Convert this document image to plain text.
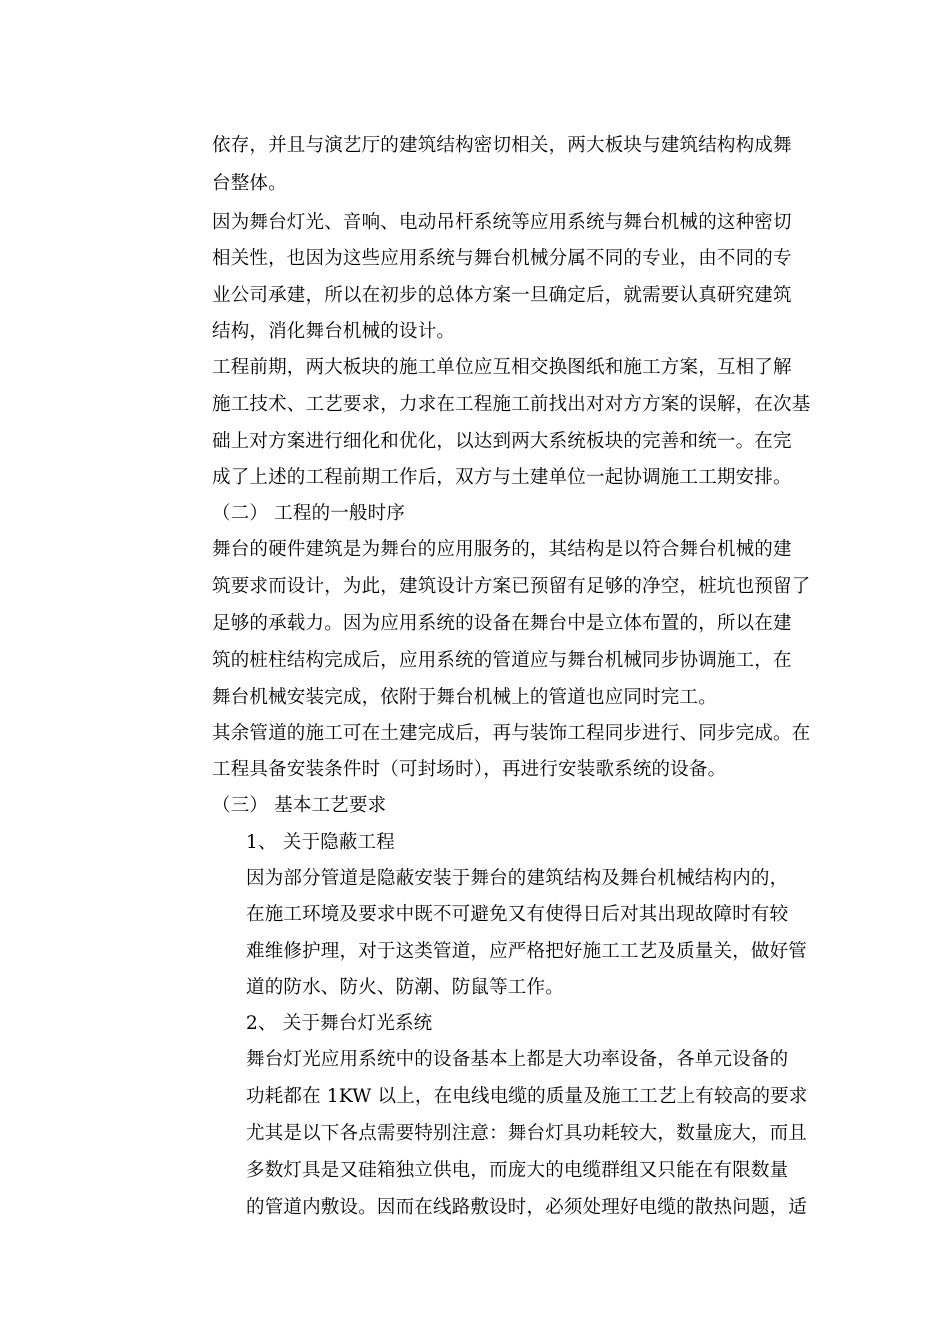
依存，并且与演艺厅的建筑结构密切相关，两大板块与建筑结构构成舞
台整体。
因为舞台灯光、音响、电动吊杆系统等应用系统与舞台机械的这种密切
相关性，也因为这些应用系统与舞台机械分属不同的专业，由不同的专
业公司承建，所以在初步的总体方案一旦确定后，就需要认真研究建筑
结构，消化舞台机械的设计。
工程前期，两大板块的施工单位应互相交换图纸和施工方案，互相了解
施工技术、工艺要求，力求在工程施工前找出对对方方案的误解，在次基
础上对方案进行细化和优化，以达到两大系统板块的完善和统一。在完
成了上述的工程前期工作后，双方与土建单位一起协调施工工期安排。
（二） 工程的一般时序
舞台的硬件建筑是为舞台的应用服务的，其结构是以符合舞台机械的建
筑要求而设计，为此，建筑设计方案已预留有足够的净空，桩坑也预留了
足够的承载力。因为应用系统的设备在舞台中是立体布置的，所以在建
筑的桩柱结构完成后，应用系统的管道应与舞台机械同步协调施工，在
舞台机械安装完成，依附于舞台机械上的管道也应同时完工。
其余管道的施工可在土建完成后，再与装饰工程同步进行、同步完成。在
工程具备安装条件时（可封场时），再进行安装歌系统的设备。
（三） 基本工艺要求
1、 关于隐蔽工程
因为部分管道是隐蔽安装于舞台的建筑结构及舞台机械结构内的，
在施工环境及要求中既不可避免又有使得日后对其出现故障时有较
难维修护理，对于这类管道，应严格把好施工工艺及质量关，做好管
道的防水、防火、防潮、防鼠等工作。
2、 关于舞台灯光系统
舞台灯光应用系统中的设备基本上都是大功率设备，各单元设备的
功耗都在 1KW 以上，在电线电缆的质量及施工工艺上有较高的要求
尤其是以下各点需要特别注意：舞台灯具功耗较大，数量庞大，而且
多数灯具是又硅箱独立供电，而庞大的电缆群组又只能在有限数量
的管道内敷设。因而在线路敷设时，必须处理好电缆的散热问题，适
